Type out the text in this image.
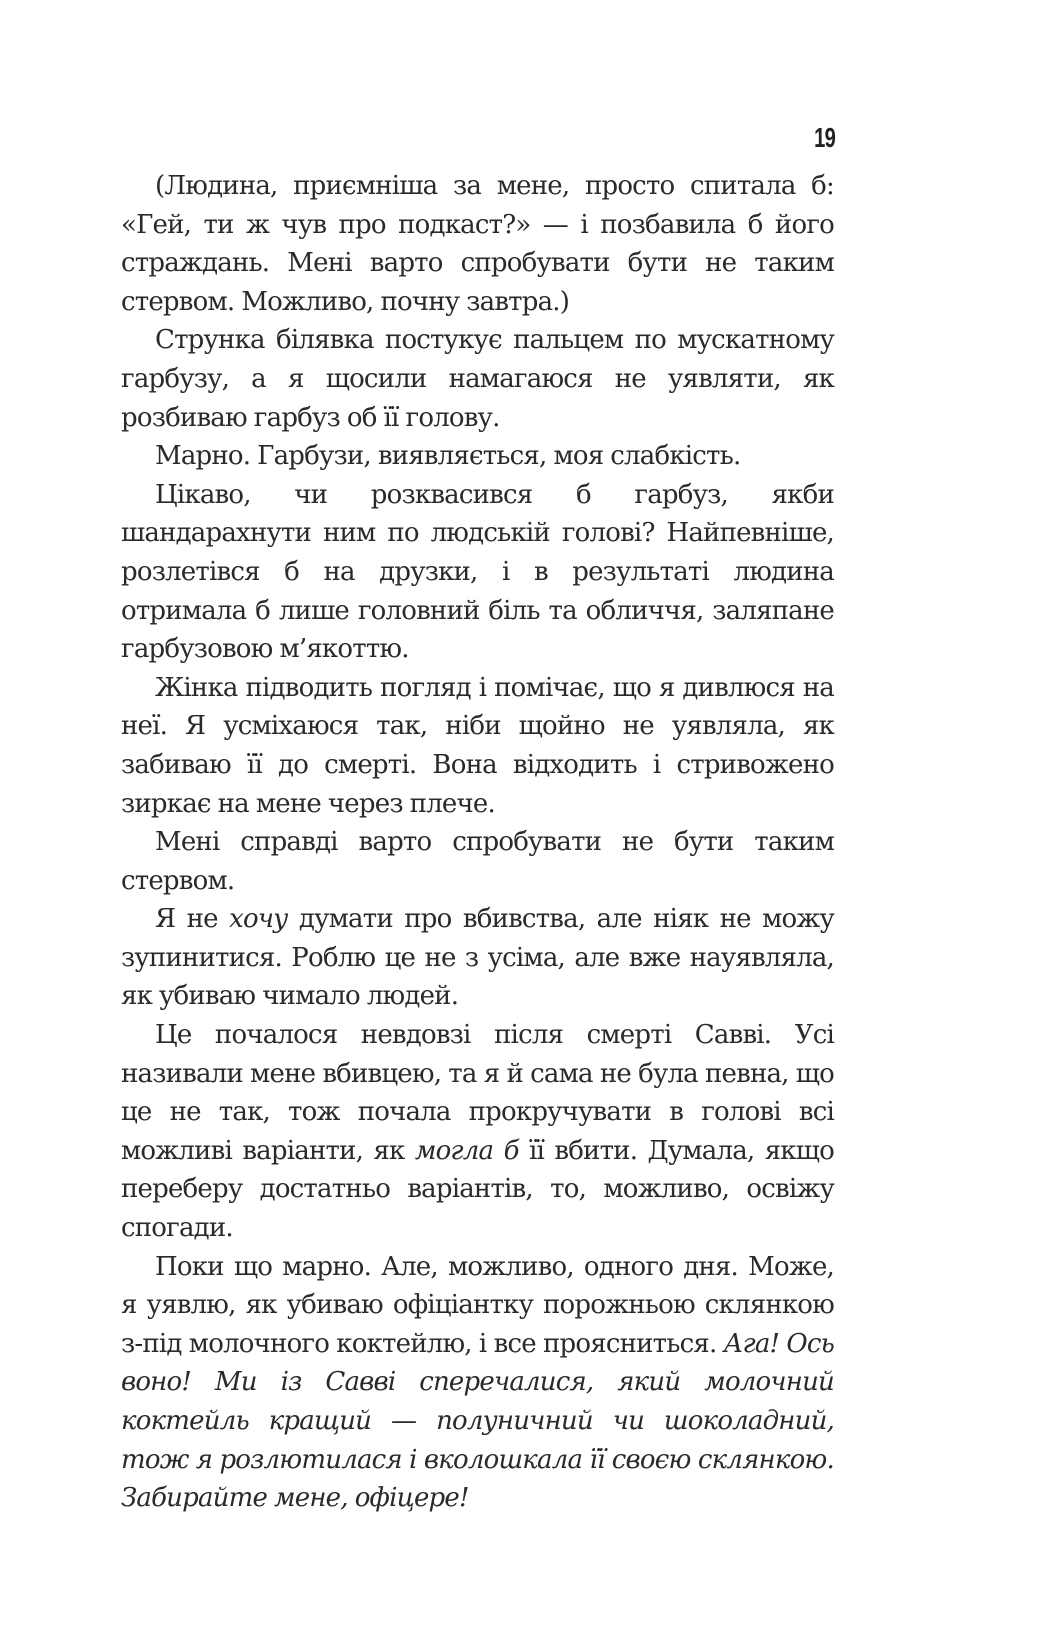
19

(Людина, приємніша за мене, просто спитала б: «Гей, ти ж чув про подкаст?» — і позбавила б його страждань. Мені варто спробувати бути не таким стервом. Можливо, почну завтра.)

Струнка білявка постукує пальцем по мускатному гарбузу, а я щосили намагаюся не уявляти, як розбиваю гарбуз об її голову.

Марно. Гарбузи, виявляється, моя слабкість.

Цікаво, чи розквасився б гарбуз, якби шандарахнути ним по людській голові? Найпевніше, розлетівся б на друзки, і в результаті людина отримала б лише головний біль та обличчя, заляпане гарбузовою м’якоттю.

Жінка підводить погляд і помічає, що я дивлюся на неї. Я усміхаюся так, ніби щойно не уявляла, як забиваю її до смерті. Вона відходить і стривожено зиркає на мене через плече.

Мені справді варто спробувати не бути таким стервом.

Я не хочу думати про вбивства, але ніяк не можу зупинитися. Роблю це не з усіма, але вже науявляла, як убиваю чимало людей.

Це почалося невдовзі після смерті Савві. Усі називали мене вбивцею, та я й сама не була певна, що це не так, тож почала прокручувати в голові всі можливі варіанти, як могла б її вбити. Думала, якщо переберу достатньо варіантів, то, можливо, освіжу спогади.

Поки що марно. Але, можливо, одного дня. Може, я уявлю, як убиваю офіціантку порожньою склянкою з-під молочного коктейлю, і все проясниться. Ага! Ось воно! Ми із Савві сперечалися, який молочний коктейль кращий — полуничний чи шоколадний, тож я розлютилася і вколошкала її своєю склянкою. Забирайте мене, офіцере!
